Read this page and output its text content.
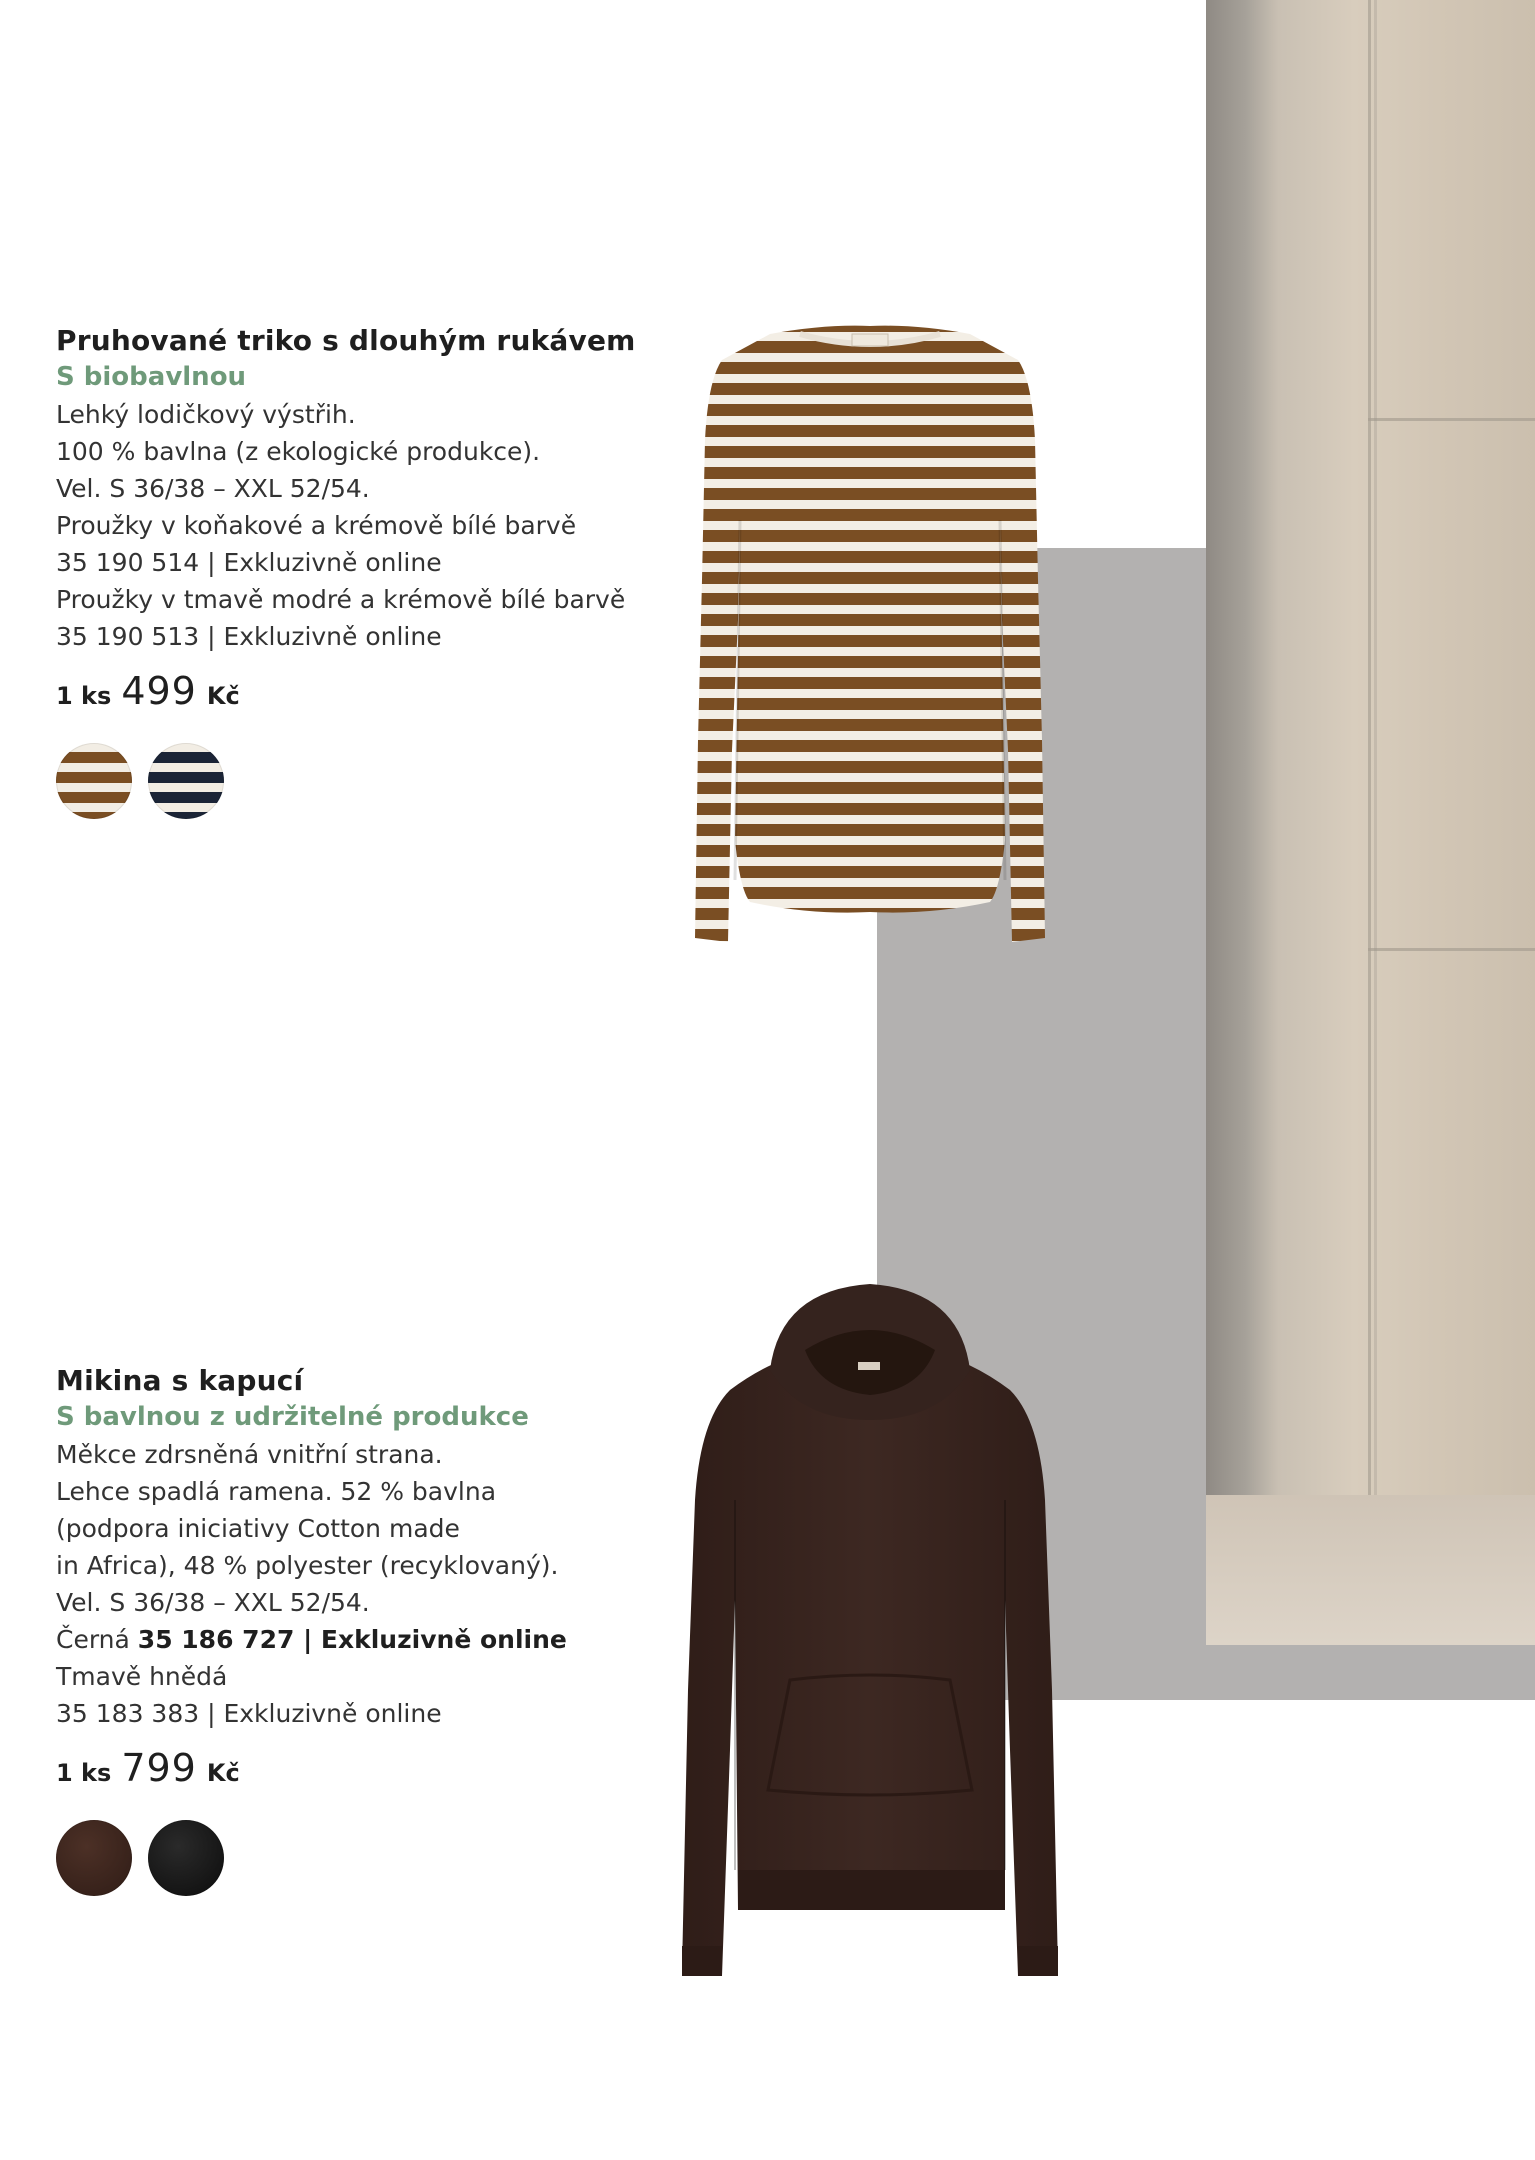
Pruhované triko s dlouhým rukávem
S biobavlnou
Lehký lodičkový výstřih.
100 % bavlna (z ekologické produkce).
Vel. S 36/38 – XXL 52/54.
Proužky v koňakové a krémově bílé barvě
35 190 514 | Exkluzivně online
Proužky v tmavě modré a krémově bílé barvě
35 190 513 | Exkluzivně online
1 ks 499 Kč
Mikina s kapucí
S bavlnou z udržitelné produkce
Měkce zdrsněná vnitřní strana.
Lehce spadlá ramena. 52 % bavlna
(podpora iniciativy Cotton made
in Africa), 48 % polyester (recyklovaný).
Vel. S 36/38 – XXL 52/54.
Černá 35 186 727 | Exkluzivně online
Tmavě hnědá
35 183 383 | Exkluzivně online
1 ks 799 Kč
